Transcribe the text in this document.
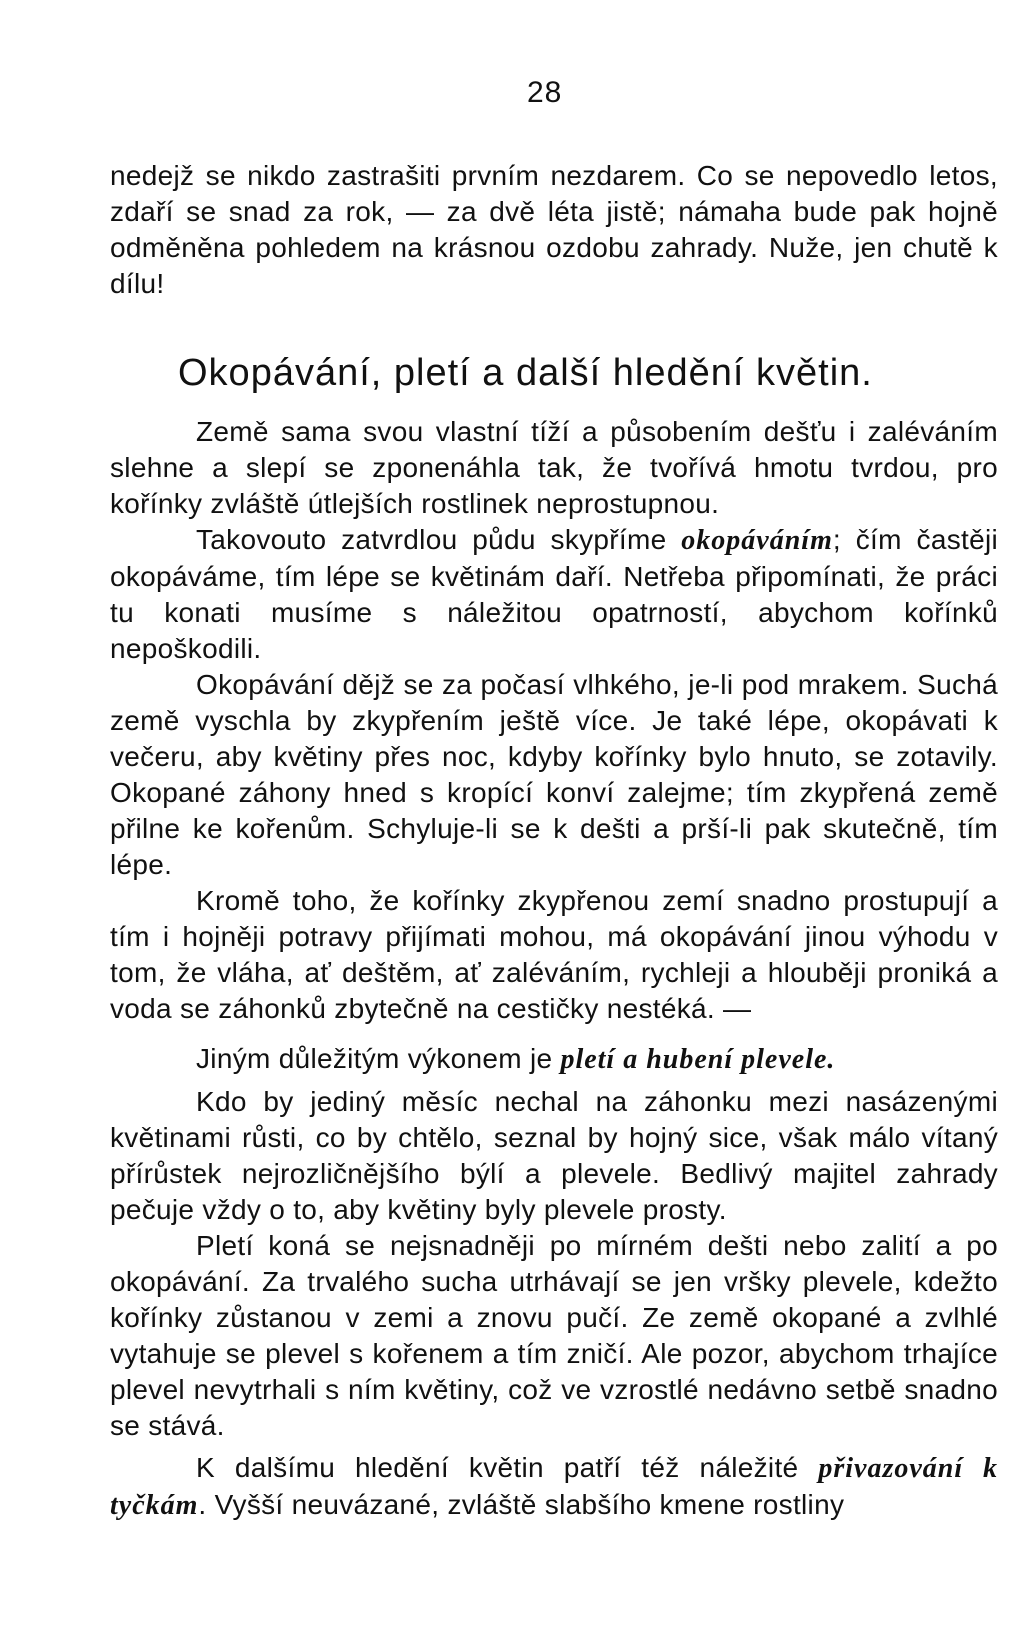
28

nedejž se nikdo zastrašiti prvním nezdarem. Co se nepovedlo letos, zdaří se snad za rok, — za dvě léta jistě; námaha bude pak hojně odměněna pohledem na krásnou ozdobu zahrady. Nuže, jen chutě k dílu!

Okopávání, pletí a další hledění květin.

Země sama svou vlastní tíží a působením dešťu i zaléváním slehne a slepí se zponenáhla tak, že tvořívá hmotu tvrdou, pro kořínky zvláště útlejších rostlinek neprostupnou.

Takovouto zatvrdlou půdu skypříme okopáváním; čím častěji okopáváme, tím lépe se květinám daří. Netřeba připomínati, že práci tu konati musíme s náležitou opatrností, abychom kořínků nepoškodili.

Okopávání dějž se za počasí vlhkého, je-li pod mrakem. Suchá země vyschla by zkypřením ještě více. Je také lépe, okopávati k večeru, aby květiny přes noc, kdyby kořínky bylo hnuto, se zotavily. Okopané záhony hned s kropící konví zalejme; tím zkypřená země přilne ke kořenům. Schyluje-li se k dešti a prší-li pak skutečně, tím lépe.

Kromě toho, že kořínky zkypřenou zemí snadno prostupují a tím i hojněji potravy přijímati mohou, má okopávání jinou výhodu v tom, že vláha, ať deštěm, ať zaléváním, rychleji a hlouběji proniká a voda se záhonků zbytečně na cestičky nestéká. —

Jiným důležitým výkonem je pletí a hubení plevele.

Kdo by jediný měsíc nechal na záhonku mezi nasázenými květinami růsti, co by chtělo, seznal by hojný sice, však málo vítaný přírůstek nejrozličnějšího býlí a plevele. Bedlivý majitel zahrady pečuje vždy o to, aby květiny byly plevele prosty.

Pletí koná se nejsnadněji po mírném dešti nebo zalití a po okopávání. Za trvalého sucha utrhávají se jen vršky plevele, kdežto kořínky zůstanou v zemi a znovu pučí. Ze země okopané a zvlhlé vytahuje se plevel s kořenem a tím zničí. Ale pozor, abychom trhajíce plevel nevytrhali s ním květiny, což ve vzrostlé nedávno setbě snadno se stává.

K dalšímu hledění květin patří též náležité přivazování k tyčkám. Vyšší neuvázané, zvláště slabšího kmene rostliny
